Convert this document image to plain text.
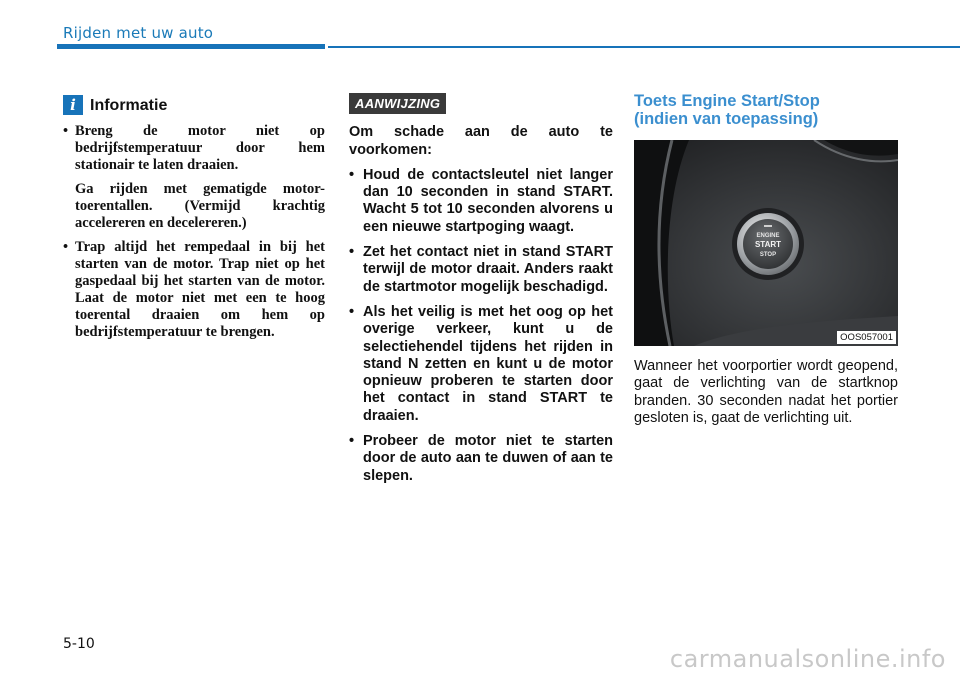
Rijden met uw auto
i Informatie

• Breng de motor niet op bedrijfstemperatuur door hem stationair te laten draaien.

Ga rijden met gematigde motor-toerentallen. (Vermijd krachtig accelereren en decelereren.)

• Trap altijd het rempedaal in bij het starten van de motor. Trap niet op het gaspedaal bij het starten van de motor. Laat de motor niet met een te hoog toerental draaien om hem op bedrijfstemperatuur te brengen.

AANWIJZING

Om schade aan de auto te voorkomen:

• Houd de contactsleutel niet langer dan 10 seconden in stand START. Wacht 5 tot 10 seconden alvorens u een nieuwe startpoging waagt.
• Zet het contact niet in stand START terwijl de motor draait. Anders raakt de startmotor mogelijk beschadigd.
• Als het veilig is met het oog op het overige verkeer, kunt u de selectiehendel tijdens het rijden in stand N zetten en kunt u de motor opnieuw proberen te starten door het contact in stand START te draaien.
• Probeer de motor niet te starten door de auto aan te duwen of aan te slepen.
Toets Engine Start/Stop
(indien van toepassing)
ENGINE
START
STOP
OOS057001
Wanneer het voorportier wordt geopend, gaat de verlichting van de startknop branden. 30 seconden nadat het portier gesloten is, gaat de verlichting uit.
5-10
carmanualsonline.info
